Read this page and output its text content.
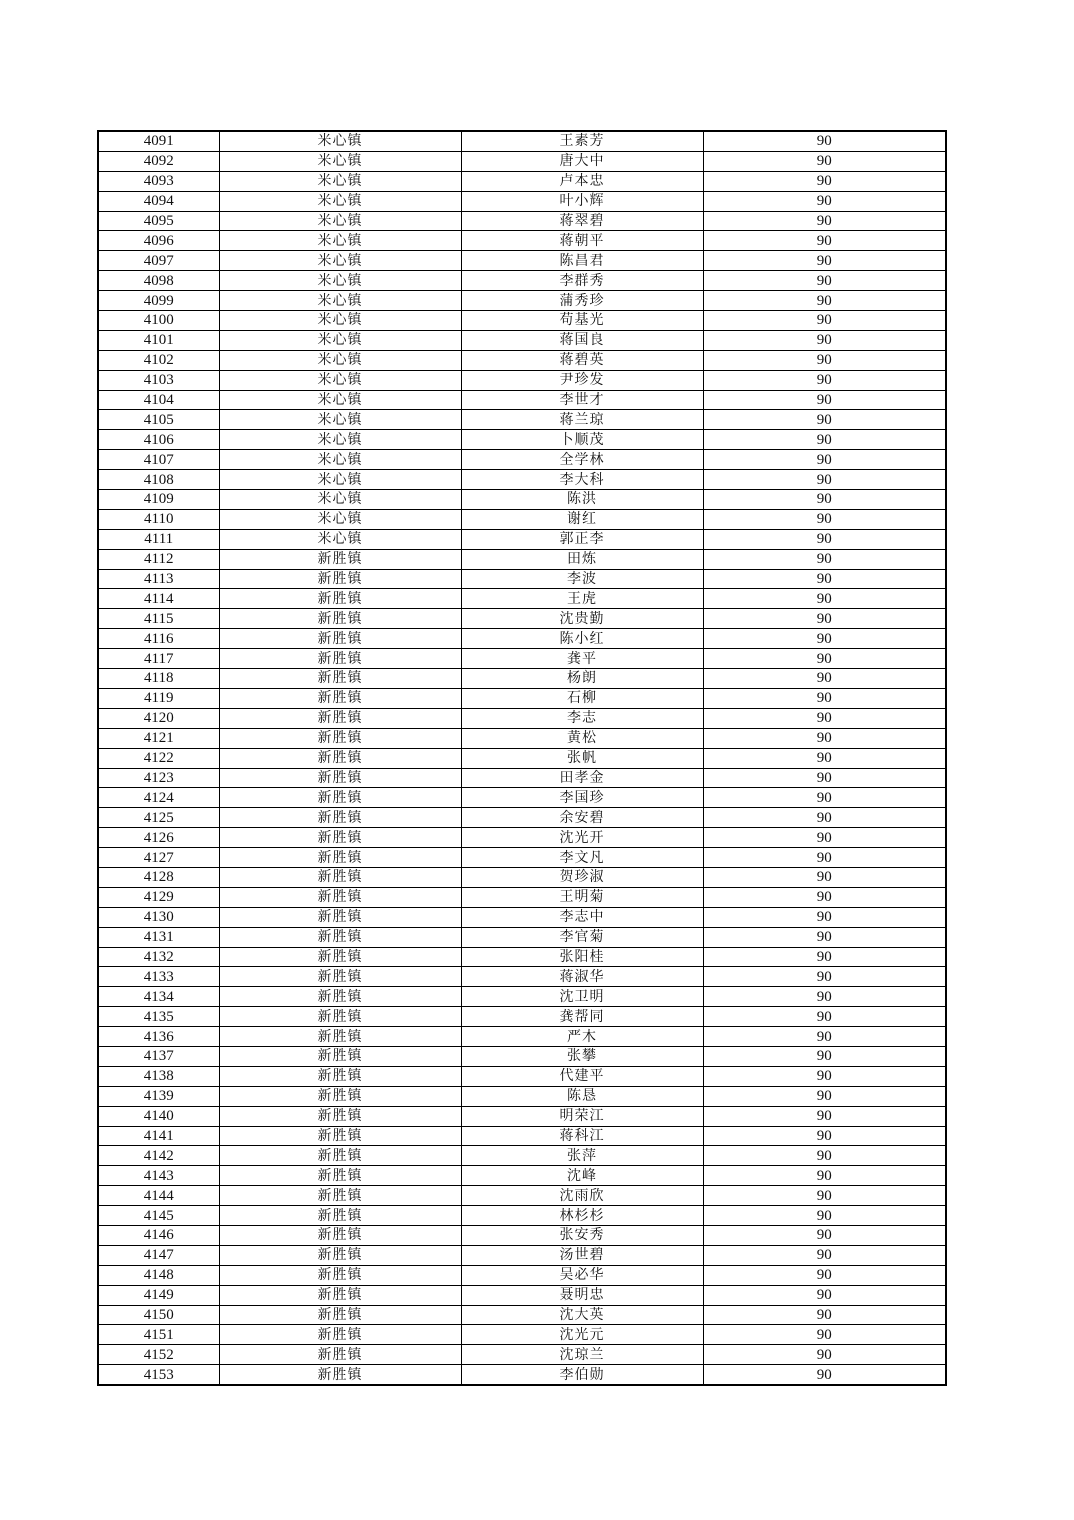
4091	米心镇	王素芳	90
4092	米心镇	唐大中	90
4093	米心镇	卢本忠	90
4094	米心镇	叶小辉	90
4095	米心镇	蒋翠碧	90
4096	米心镇	蒋朝平	90
4097	米心镇	陈昌君	90
4098	米心镇	李群秀	90
4099	米心镇	蒲秀珍	90
4100	米心镇	苟基光	90
4101	米心镇	蒋国良	90
4102	米心镇	蒋碧英	90
4103	米心镇	尹珍发	90
4104	米心镇	李世才	90
4105	米心镇	蒋兰琼	90
4106	米心镇	卜顺茂	90
4107	米心镇	全学林	90
4108	米心镇	李大科	90
4109	米心镇	陈洪	90
4110	米心镇	谢红	90
4111	米心镇	郭正李	90
4112	新胜镇	田炼	90
4113	新胜镇	李波	90
4114	新胜镇	王虎	90
4115	新胜镇	沈贵勤	90
4116	新胜镇	陈小红	90
4117	新胜镇	龚平	90
4118	新胜镇	杨朗	90
4119	新胜镇	石柳	90
4120	新胜镇	李志	90
4121	新胜镇	黄松	90
4122	新胜镇	张帆	90
4123	新胜镇	田孝金	90
4124	新胜镇	李国珍	90
4125	新胜镇	余安碧	90
4126	新胜镇	沈光开	90
4127	新胜镇	李文凡	90
4128	新胜镇	贺珍淑	90
4129	新胜镇	王明菊	90
4130	新胜镇	李志中	90
4131	新胜镇	李官菊	90
4132	新胜镇	张阳桂	90
4133	新胜镇	蒋淑华	90
4134	新胜镇	沈卫明	90
4135	新胜镇	龚帮同	90
4136	新胜镇	严木	90
4137	新胜镇	张攀	90
4138	新胜镇	代建平	90
4139	新胜镇	陈恳	90
4140	新胜镇	明荣江	90
4141	新胜镇	蒋科江	90
4142	新胜镇	张萍	90
4143	新胜镇	沈峰	90
4144	新胜镇	沈雨欣	90
4145	新胜镇	林杉杉	90
4146	新胜镇	张安秀	90
4147	新胜镇	汤世碧	90
4148	新胜镇	吴必华	90
4149	新胜镇	聂明忠	90
4150	新胜镇	沈大英	90
4151	新胜镇	沈光元	90
4152	新胜镇	沈琼兰	90
4153	新胜镇	李伯勋	90
